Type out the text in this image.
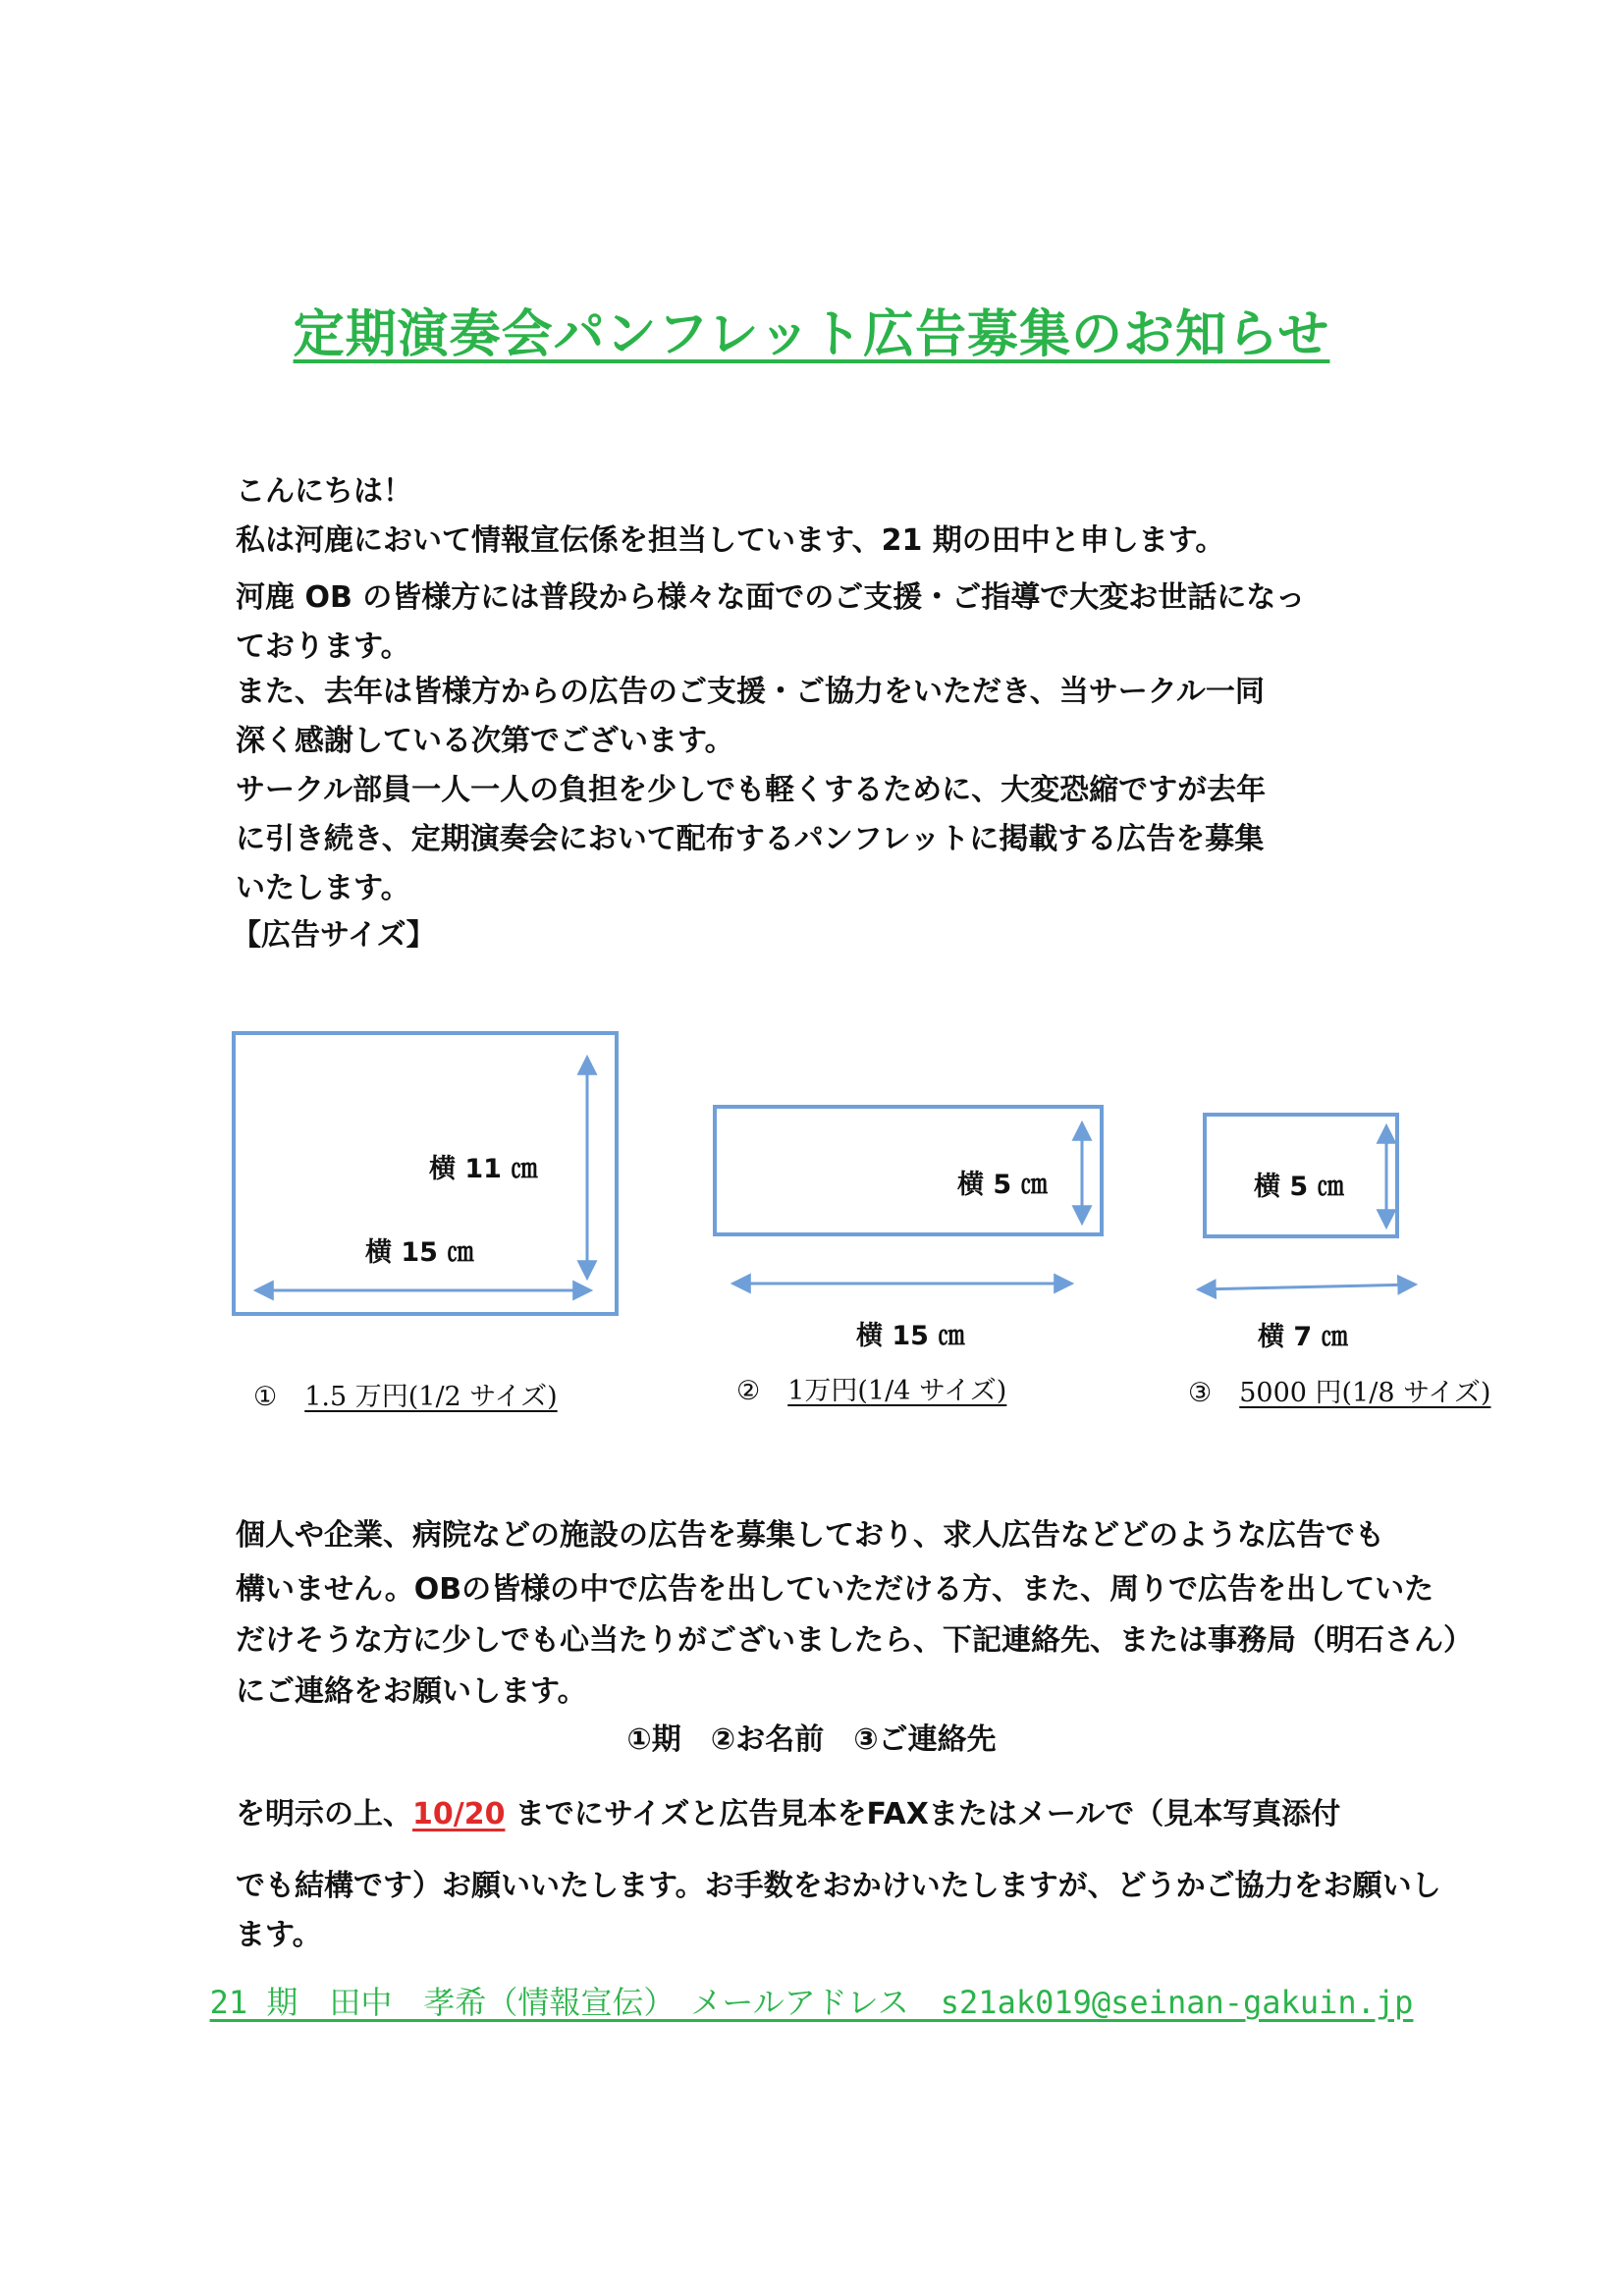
定期演奏会パンフレット広告募集のお知らせ
こんにちは！
私は河鹿において情報宣伝係を担当しています、21 期の田中と申します。
河鹿 OB の皆様方には普段から様々な面でのご支援・ご指導で大変お世話になっ
ております。
また、去年は皆様方からの広告のご支援・ご協力をいただき、当サークル一同
深く感謝している次第でございます。
サークル部員一人一人の負担を少しでも軽くするために、大変恐縮ですが去年
に引き続き、定期演奏会において配布するパンフレットに掲載する広告を募集
いたします。
【広告サイズ】
横 11 ㎝
横 15 ㎝
横 5 ㎝
横 15 ㎝
横 5 ㎝
横 7 ㎝
① 1.5 万円(1/2 サイズ)	② 1万円(1/4 サイズ)	③ 5000 円(1/8 サイズ)
個人や企業、病院などの施設の広告を募集しており、求人広告などどのような広告でも
構いません。OBの皆様の中で広告を出していただける方、また、周りで広告を出していた
だけそうな方に少しでも心当たりがございましたら、下記連絡先、または事務局（明石さん）
にご連絡をお願いします。
①期　②お名前　③ご連絡先
を明示の上、10/20 までにサイズと広告見本をFAXまたはメールで（見本写真添付
でも結構です）お願いいたします。お手数をおかけいたしますが、どうかご協力をお願いし
ます。
21 期　田中　孝希（情報宣伝）　メールアドレス　s21ak019@seinan-gakuin.jp
